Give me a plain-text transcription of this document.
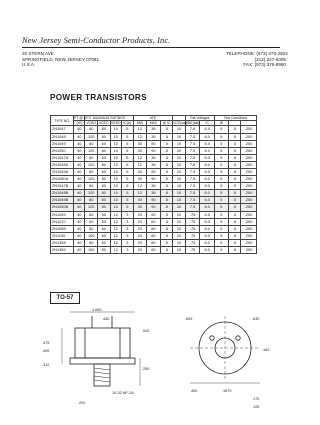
New Jersey Semi-Conductor Products, Inc.
20 STERN AVE.
SPRINGFIELD, NEW JERSEY 07081
U.S.A.
TELEPHONE: (973) 376-2922
(212) 227-6005
FAX: (973) 376-8960
POWER TRANSISTORS
TYPE NO.	PT @ 25°C	MAXIMUM RATINGS				hFE				Sat Voltages		Test Conditions		
	(W)	VCBO	VCEO	VEBO	IC(A)	MIN	MAX	@ IC	VCE(sat)	VBE(sat)	IC	IB		
2N1047	40	80	60	10	5	12	36	.5	10	7.5	6.0	5	.5	.250
2N1048	40	120	80	10	5	12	36	.5	10	7.5	6.0	5	.5	.250
2N1049	40	80	60	10	5	30	90	.5	10	7.5	6.0	5	.5	.250
2N1050	40	120	80	10	5	30	90	.5	10	7.5	6.0	5	.5	.250
2N1047A	40	80	60	10	5	12	36	.5	10	7.5	6.0	5	.5	.250
2N1048A	40	120	80	10	5	12	36	.5	10	7.5	6.0	5	.5	.250
2N1049A	40	80	60	10	5	30	90	.5	10	7.5	6.0	5	.5	.250
2N1050A	40	120	80	10	5	30	90	.5	10	7.5	6.0	5	.5	.250
2N1047B	40	80	60	10	5	12	36	.5	10	7.5	6.0	5	.5	.250
2N1048B	40	120	80	10	5	12	36	.5	10	7.5	6.0	5	.5	.250
2N1049B	40	80	60	10	5	30	90	.5	10	7.5	6.0	5	.5	.250
2N1050B	40	120	80	10	5	30	90	.5	10	7.5	6.0	5	.5	.250
2N1069	40	60	50	12	3	20	60	.5	10	.75	6.0	5	.5	.250
2N1070	40	60	50	12	3	20	60	.5	10	.75	6.0	5	.5	.250
2N1099	40	80	60	12	3	20	60	.5	10	.75	6.0	5	.5	.250
2N1100	40	100	60	12	3	20	60	.5	10	.75	6.0	5	.5	.250
2N1358	40	80	60	12	3	20	60	.5	10	.75	6.0	5	.5	.250
2N1359	40	100	80	12	3	20	60	.5	10	.75	6.0	5	.5	.250
TO-57
1.650
.430
.375
.490
.250
10-32 NF-2A
.312
.200
.040
.605	.630
.162
.450	.1870
.170
.125
